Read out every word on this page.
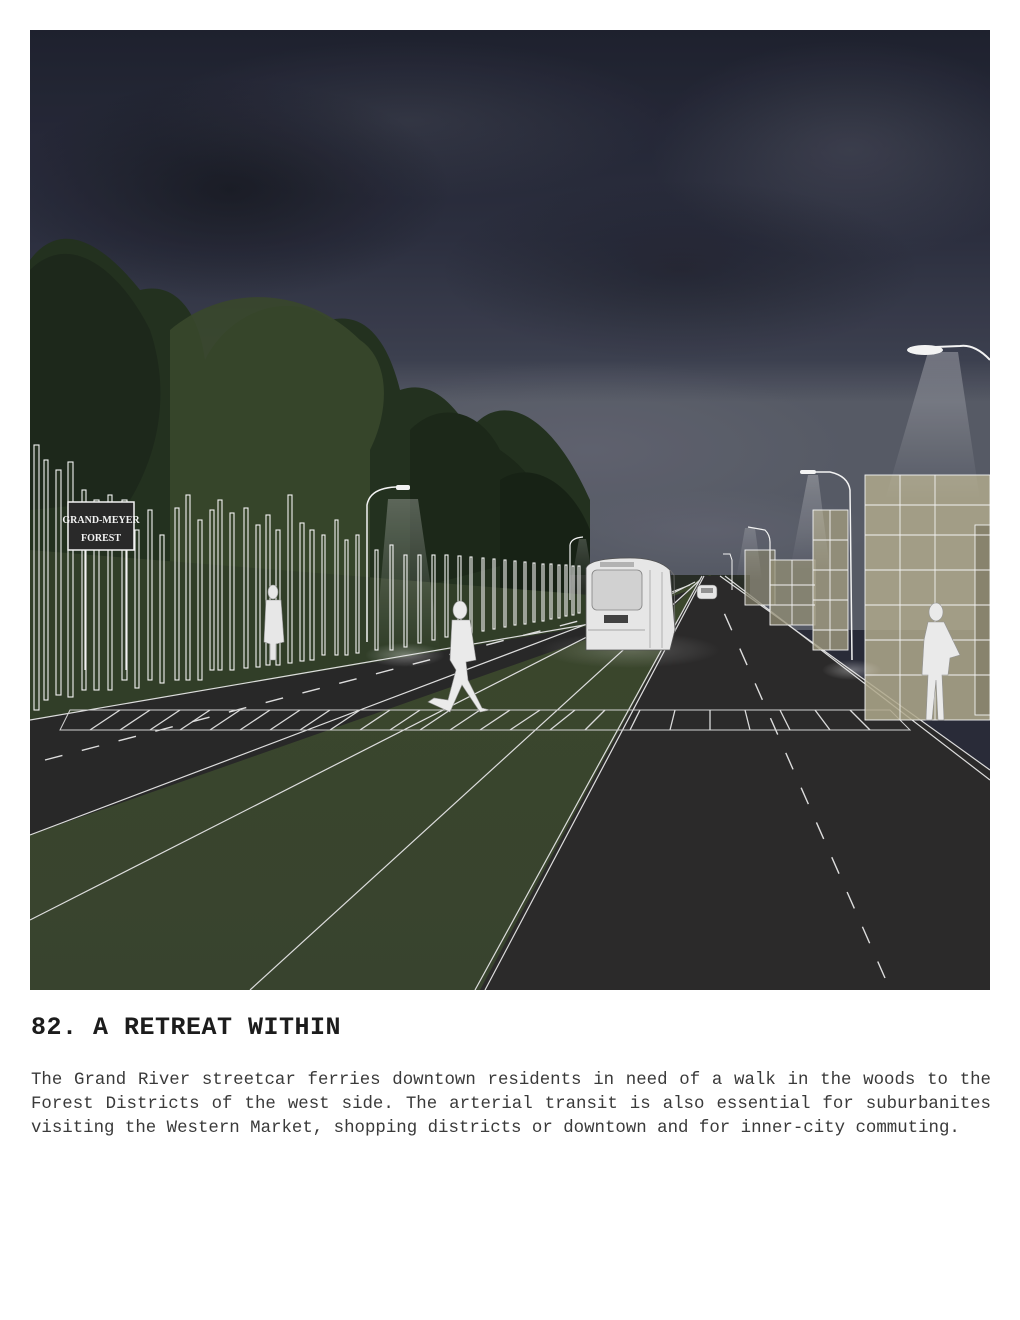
GRAND-MEYER
FOREST
82. A RETREAT WITHIN

The Grand River streetcar ferries downtown residents in need of a walk in the woods to the Forest Districts of the west side. The arterial transit is also essential for suburbanites visiting the Western Market, shopping districts or downtown and for inner-city commuting.
